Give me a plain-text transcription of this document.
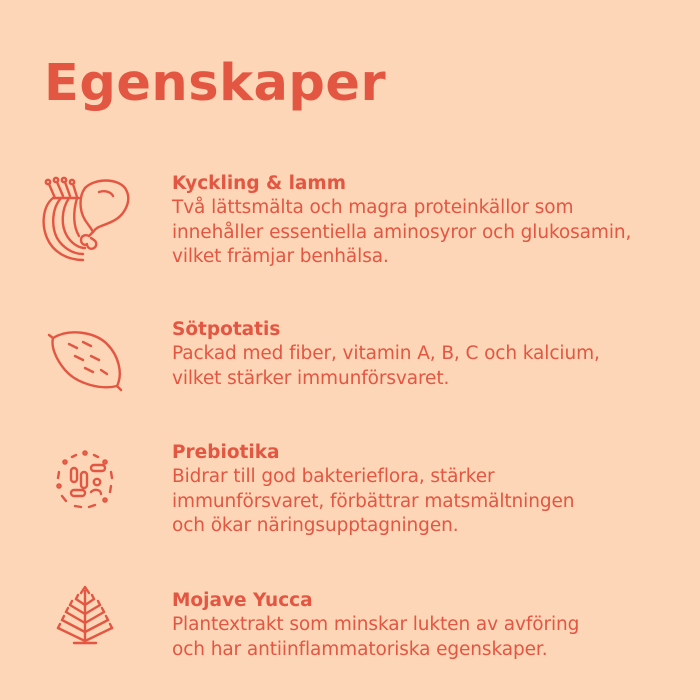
Egenskaper

Kyckling & lamm

Två lättsmälta och magra proteinkällor som
innehåller essentiella aminosyror och glukosamin,
vilket främjar benhälsa.

Sötpotatis

Packad med fiber, vitamin A, B, C och kalcium,
vilket stärker immunförsvaret.

Prebiotika

Bidrar till god bakterieflora, stärker
immunförsvaret, förbättrar matsmältningen
och ökar näringsupptagningen.

Mojave Yucca

Plantextrakt som minskar lukten av avföring
och har antiinflammatoriska egenskaper.
